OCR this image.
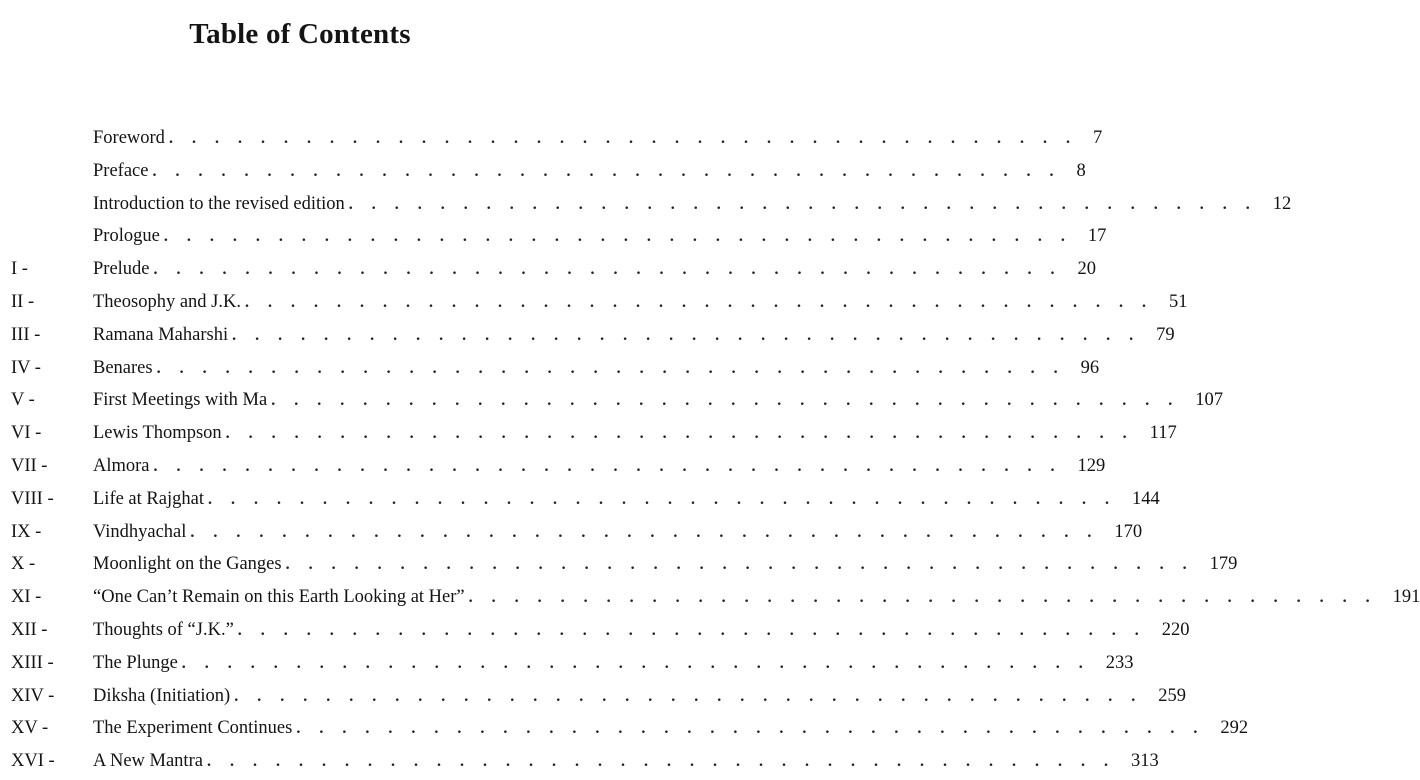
Table of Contents
Foreword ........................................ 7
Preface ........................................ 8
Introduction to the revised edition ........................................ 12
Prologue ........................................ 17
I -	Prelude ........................................ 20
II -	Theosophy and J.K. ........................................ 51
III -	Ramana Maharshi ........................................ 79
IV -	Benares ........................................ 96
V -	First Meetings with Ma ........................................ 107
VI -	Lewis Thompson ........................................ 117
VII - Almora ........................................ 129
VIII - Life at Rajghat ........................................ 144
IX -	Vindhyachal ........................................ 170
X -	Moonlight on the Ganges ........................................ 179
XI -	“One Can’t Remain on this Earth Looking at Her” ........................................ 191
XII - Thoughts of “J.K.” ........................................ 220
XIII - The Plunge ........................................ 233
XIV - Diksha (Initiation) ........................................ 259
XV - The Experiment Continues ........................................ 292
XVI - A New Mantra ........................................ 313
